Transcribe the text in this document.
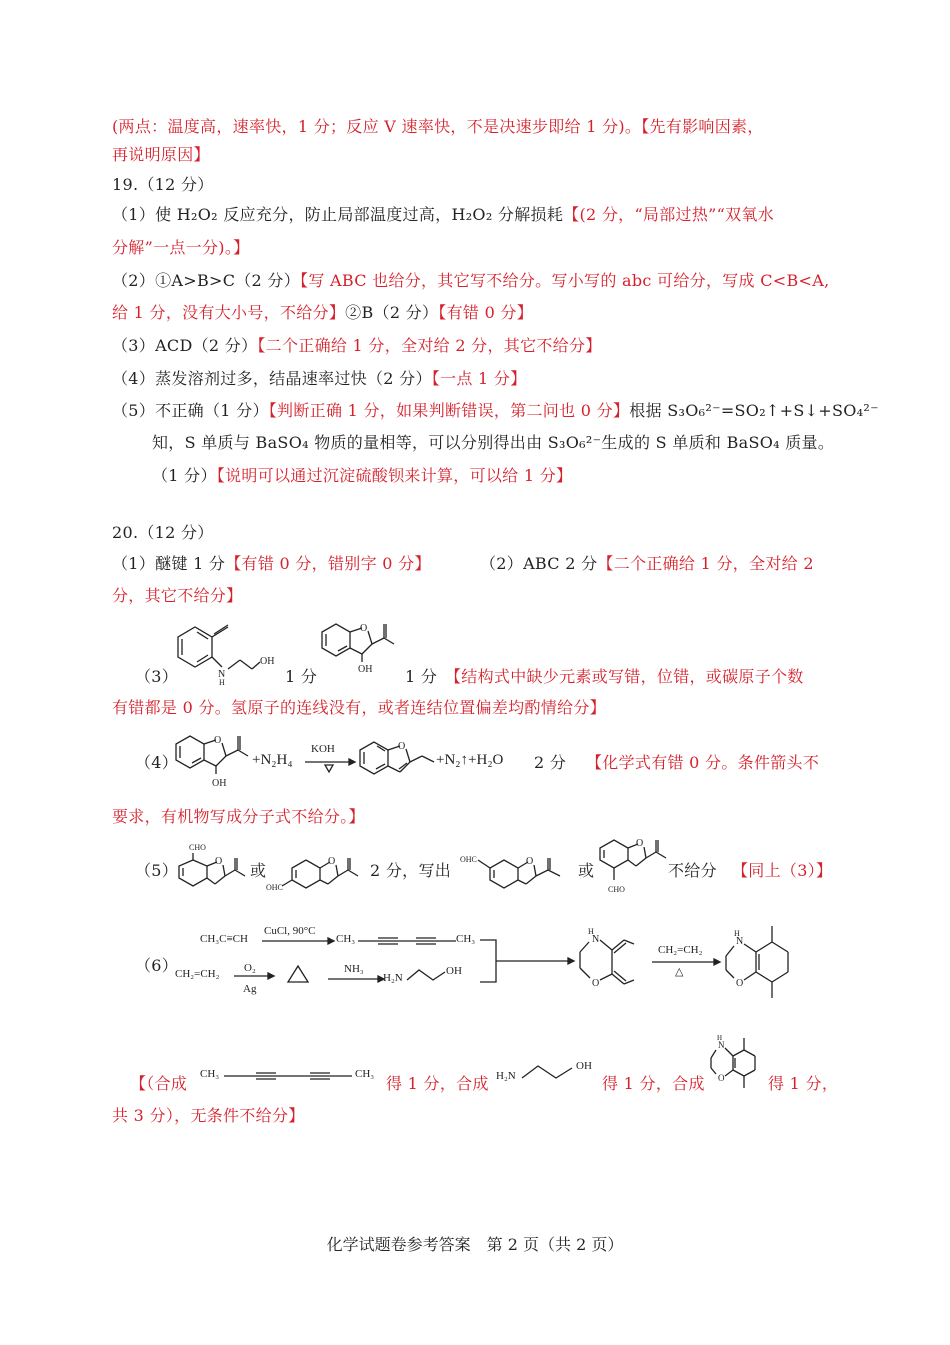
(两点：温度高，速率快，1 分；反应 V 速率快，不是决速步即给 1 分)。【先有影响因素，
再说明原因】
19.（12 分）
（1）使 H₂O₂ 反应充分，防止局部温度过高，H₂O₂ 分解损耗【(2 分，“局部过热”“双氧水
分解”一点一分)。】
（2）①A>B>C（2 分）【写 ABC 也给分，其它写不给分。写小写的 abc 可给分，写成 C<B<A,
给 1 分，没有大小号，不给分】②B（2 分）【有错 0 分】
（3）ACD（2 分）【二个正确给 1 分，全对给 2 分，其它不给分】
（4）蒸发溶剂过多，结晶速率过快（2 分）【一点 1 分】
（5）不正确（1 分）【判断正确 1 分，如果判断错误，第二问也 0 分】根据 S₃O₆²⁻=SO₂↑+S↓+SO₄²⁻
知，S 单质与 BaSO₄ 物质的量相等，可以分别得出由 S₃O₆²⁻生成的 S 单质和 BaSO₄ 质量。
（1 分）【说明可以通过沉淀硫酸钡来计算，可以给 1 分】
20.（12 分）
（1）醚键 1 分【有错 0 分，错别字 0 分】	（2）ABC 2 分【二个正确给 1 分，全对给 2
分，其它不给分】
（3）	N
H
OH
1 分
O
OH 1 分 【结构式中缺少元素或写错，位错，或碳原子个数
有错都是 0 分。氢原子的连线没有，或者连结位置偏差均酌情给分】
（4）
O
OH
+N₂H₄
KOH	O
+N₂↑+H₂O 2 分 【化学式有错 0 分。条件箭头不
要求，有机物写成分子式不给分。】
（5）
CHO
O 或
OHC
O 2 分，写出
OHC	O	或
O
CHO
不给分 【同上（3）】
（6）
CH₃C≡CH
CuCl, 90°C
CH₃	CH₃
CH₂=CH₂ O₂
Ag
NH₃
H₂N
OH
N
H
O
CH₂=CH₂
△
N
H
O
【（合成 CH₃	CH₃ 得 1 分，合成 H₂N
OH
得 1 分，合成
N
H
O	得 1 分，
共 3 分），无条件不给分】
化学试题卷参考答案　第 2 页（共 2 页）
